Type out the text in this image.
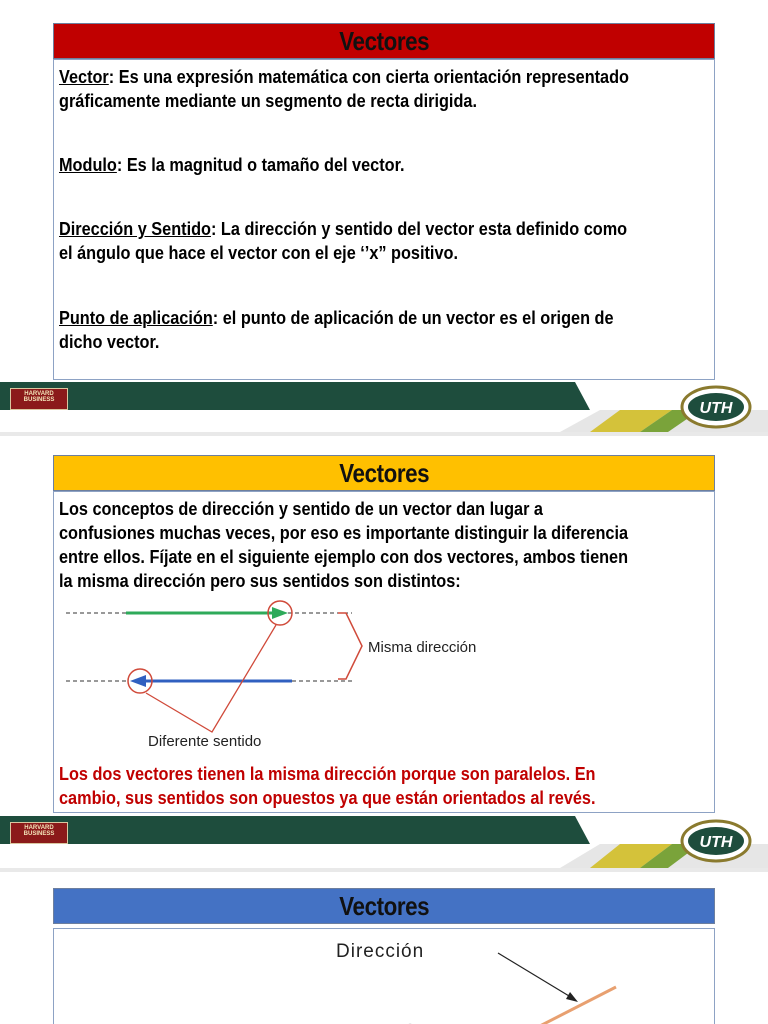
Vectores
Vector: Es una expresión matemática con cierta orientación representado
gráficamente mediante un segmento de recta dirigida.
Modulo: Es la magnitud o tamaño del vector.
Dirección y Sentido: La dirección y sentido del vector esta definido como
el ángulo que hace el vector con el eje ‘’x” positivo.
Punto de aplicación: el punto de aplicación de un vector es el origen de
dicho vector.
HARVARD BUSINESS	UTH
Vectores
Los conceptos de dirección y sentido de un vector dan lugar a
confusiones muchas veces, por eso es importante distinguir la diferencia
entre ellos. Fíjate en el siguiente ejemplo con dos vectores, ambos tienen
la misma dirección pero sus sentidos son distintos:
Misma dirección
Diferente sentido
Los dos vectores tienen la misma dirección porque son paralelos. En
cambio, sus sentidos son opuestos ya que están orientados al revés.
HARVARD BUSINESS	UTH
Vectores
Dirección
